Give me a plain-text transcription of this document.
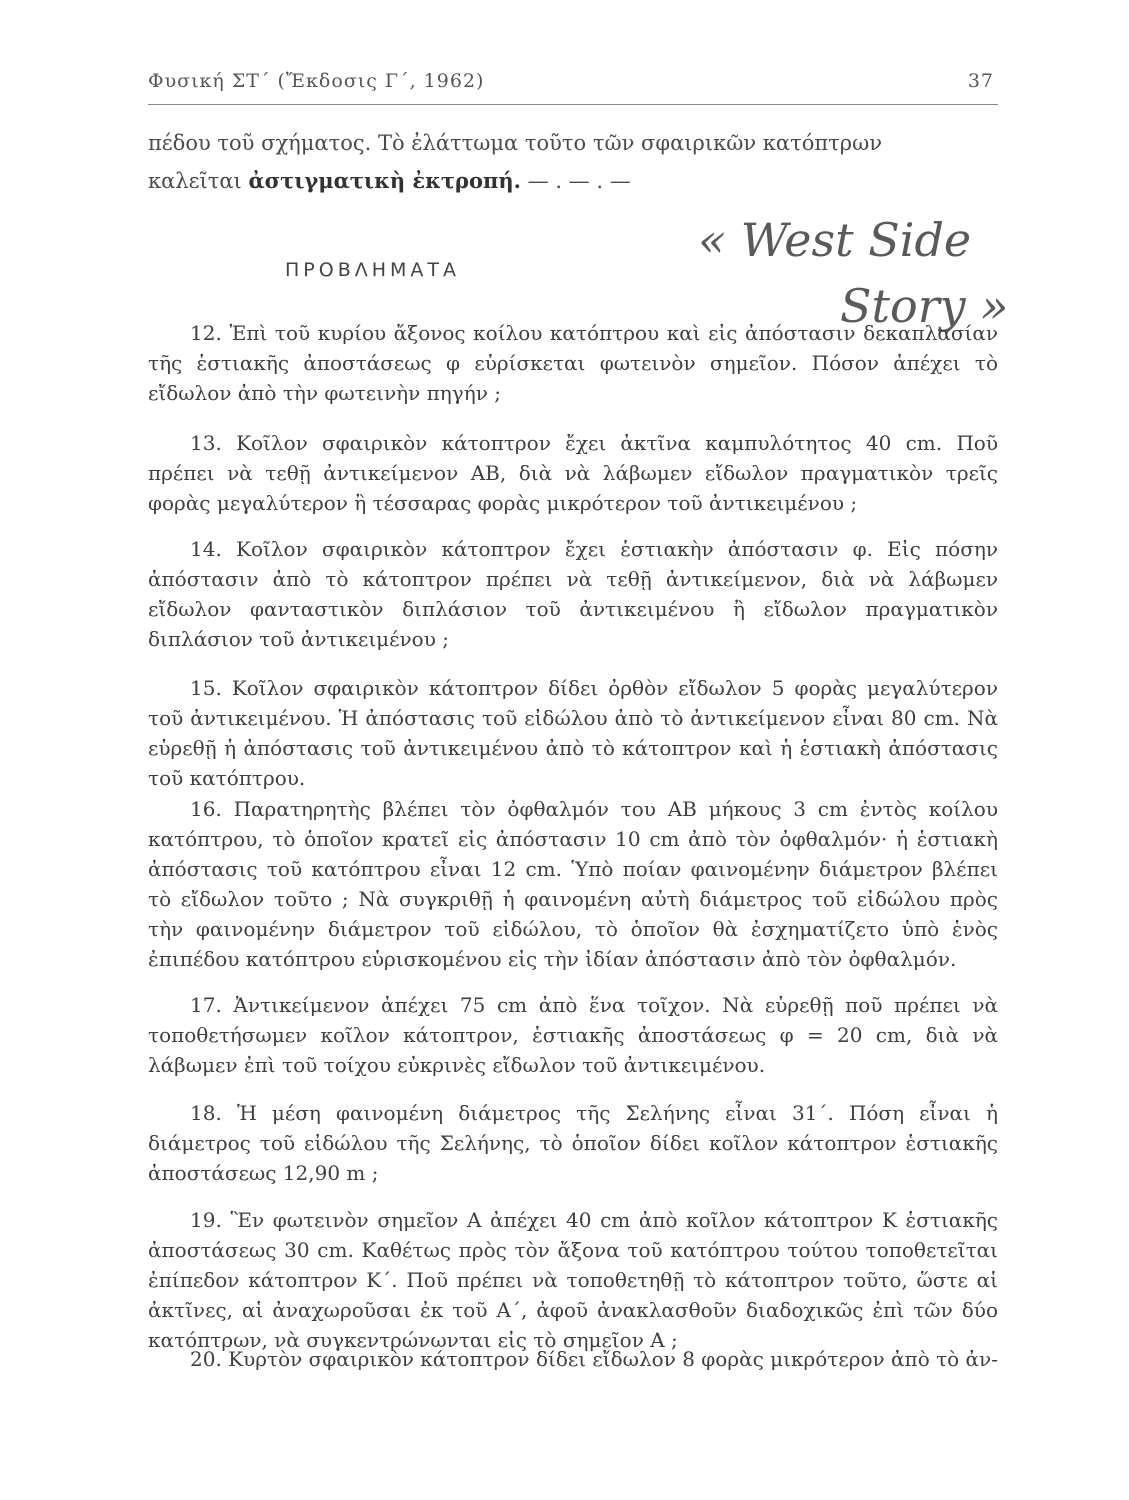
Φυσική ΣΤ΄ (Ἔκδοσις Γ΄, 1962)	37
πέδου τοῦ σχήματος. Τὸ ἐλάττωμα τοῦτο τῶν σφαιρικῶν κατόπτρων
καλεῖται ἀστιγματικὴ ἐκτροπή. — . — . —
ΠΡΟΒΛΗΜΑΤΑ
« West Side
Story »

12. Ἐπὶ τοῦ κυρίου ἄξονος κοίλου κατόπτρου καὶ εἰς ἀπόστασιν δεκαπλασίαν τῆς ἑστιακῆς ἀποστάσεως φ εὑρίσκεται φωτεινὸν σημεῖον. Πόσον ἀπέχει τὸ εἴδωλον ἀπὸ τὴν φωτεινὴν πηγήν ;

13. Κοῖλον σφαιρικὸν κάτοπτρον ἔχει ἀκτῖνα καμπυλότητος 40 cm. Ποῦ πρέπει νὰ τεθῇ ἀντικείμενον ΑΒ, διὰ νὰ λάβωμεν εἴδωλον πραγματικὸν τρεῖς φορὰς μεγαλύτερον ἢ τέσσαρας φορὰς μικρότερον τοῦ ἀντικειμένου ;

14. Κοῖλον σφαιρικὸν κάτοπτρον ἔχει ἑστιακὴν ἀπόστασιν φ. Εἰς πόσην ἀπόστασιν ἀπὸ τὸ κάτοπτρον πρέπει νὰ τεθῇ ἀντικείμενον, διὰ νὰ λάβωμεν εἴδωλον φανταστικὸν διπλάσιον τοῦ ἀντικειμένου ἢ εἴδωλον πραγματικὸν διπλάσιον τοῦ ἀντικειμένου ;

15. Κοῖλον σφαιρικὸν κάτοπτρον δίδει ὀρθὸν εἴδωλον 5 φορὰς μεγαλύτερον τοῦ ἀντικειμένου. Ἡ ἀπόστασις τοῦ εἰδώλου ἀπὸ τὸ ἀντικείμενον εἶναι 80 cm. Νὰ εὑρεθῇ ἡ ἀπόστασις τοῦ ἀντικειμένου ἀπὸ τὸ κάτοπτρον καὶ ἡ ἑστιακὴ ἀπόστασις τοῦ κατόπτρου.

16. Παρατηρητὴς βλέπει τὸν ὀφθαλμόν του ΑΒ μήκους 3 cm ἐντὸς κοίλου κατόπτρου, τὸ ὁποῖον κρατεῖ εἰς ἀπόστασιν 10 cm ἀπὸ τὸν ὀφθαλμόν· ἡ ἑστιακὴ ἀπόστασις τοῦ κατόπτρου εἶναι 12 cm. Ὑπὸ ποίαν φαινομένην διάμετρον βλέπει τὸ εἴδωλον τοῦτο ; Νὰ συγκριθῇ ἡ φαινομένη αὐτὴ διάμετρος τοῦ εἰδώλου πρὸς τὴν φαινομένην διάμετρον τοῦ εἰδώλου, τὸ ὁποῖον θὰ ἐσχηματίζετο ὑπὸ ἑνὸς ἐπιπέδου κατόπτρου εὑρισκομένου εἰς τὴν ἰδίαν ἀπόστασιν ἀπὸ τὸν ὀφθαλμόν.

17. Ἀντικείμενον ἀπέχει 75 cm ἀπὸ ἕνα τοῖχον. Νὰ εὑρεθῇ ποῦ πρέπει νὰ τοποθετήσωμεν κοῖλον κάτοπτρον, ἑστιακῆς ἀποστάσεως φ = 20 cm, διὰ νὰ λάβωμεν ἐπὶ τοῦ τοίχου εὐκρινὲς εἴδωλον τοῦ ἀντικειμένου.

18. Ἡ μέση φαινομένη διάμετρος τῆς Σελήνης εἶναι 31΄. Πόση εἶναι ἡ διάμετρος τοῦ εἰδώλου τῆς Σελήνης, τὸ ὁποῖον δίδει κοῖλον κάτοπτρον ἑστιακῆς ἀποστάσεως 12,90 m ;

19. Ἓν φωτεινὸν σημεῖον Α ἀπέχει 40 cm ἀπὸ κοῖλον κάτοπτρον Κ ἑστιακῆς ἀποστάσεως 30 cm. Καθέτως πρὸς τὸν ἄξονα τοῦ κατόπτρου τούτου τοποθετεῖται ἐπίπεδον κάτοπτρον Κ΄. Ποῦ πρέπει νὰ τοποθετηθῇ τὸ κάτοπτρον τοῦτο, ὥστε αἱ ἀκτῖνες, αἱ ἀναχωροῦσαι ἐκ τοῦ Α΄, ἀφοῦ ἀνακλασθοῦν διαδοχικῶς ἐπὶ τῶν δύο κατόπτρων, νὰ συγκεντρώνωνται εἰς τὸ σημεῖον Α ;

20. Κυρτὸν σφαιρικὸν κάτοπτρον δίδει εἴδωλον 8 φορὰς μικρότερον ἀπὸ τὸ ἀν-
